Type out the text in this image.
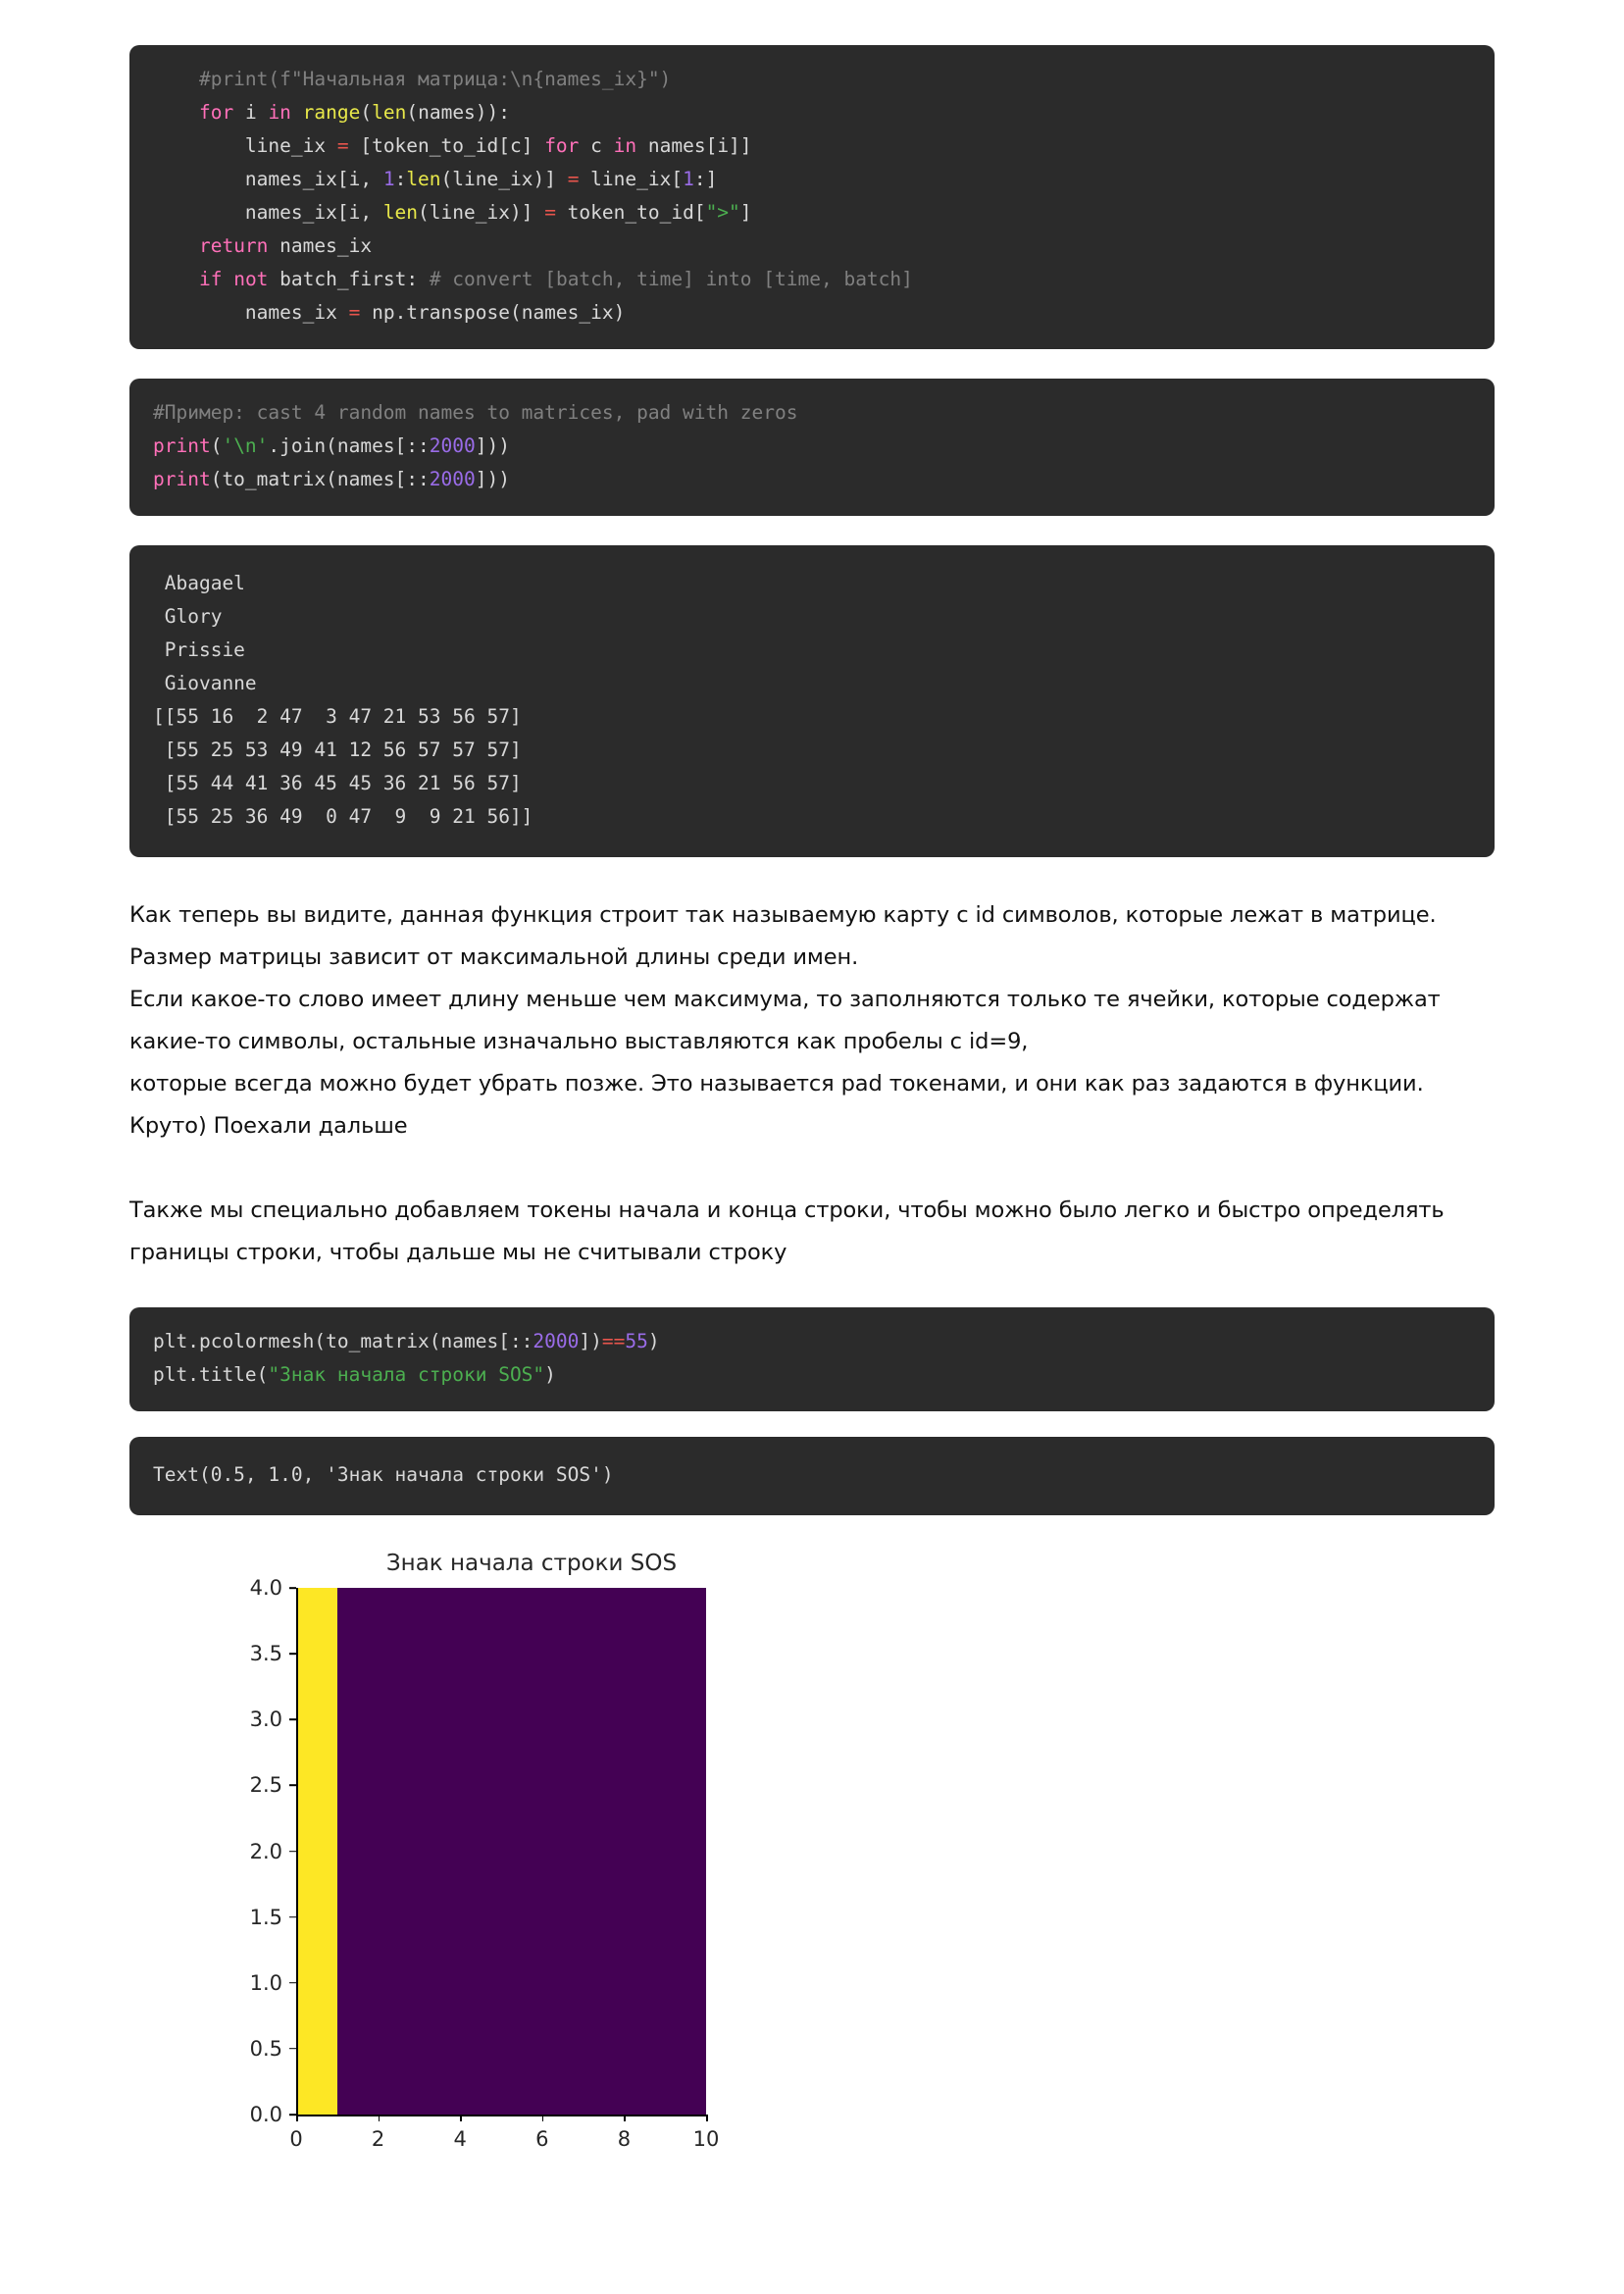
#print(f"Начальная матрица:\n{names_ix}")
for i in range(len(names)):
line_ix = [token_to_id[c] for c in names[i]]
names_ix[i, 1:len(line_ix)] = line_ix[1:]
names_ix[i, len(line_ix)] = token_to_id[">"]
return names_ix
if not batch_first: # convert [batch, time] into [time, batch]
names_ix = np.transpose(names_ix)
#Пример: cast 4 random names to matrices, pad with zeros
print('\n'.join(names[::2000]))
print(to_matrix(names[::2000]))
Abagael
Glory
Prissie
Giovanne
[[55 16  2 47  3 47 21 53 56 57]
[55 25 53 49 41 12 56 57 57 57]
[55 44 41 36 45 45 36 21 56 57]
[55 25 36 49  0 47  9  9 21 56]]

Как теперь вы видите, данная функция строит так называемую карту с id символов, которые лежат в матрице.

Размер матрицы зависит от максимальной длины среди имен.

Если какое-то слово имеет длину меньше чем максимума, то заполняются только те ячейки, которые содержат

какие-то символы, остальные изначально выставляются как пробелы с id=9,

которые всегда можно будет убрать позже. Это называется pad токенами, и они как раз задаются в функции.

Круто) Поехали дальше

Также мы специально добавляем токены начала и конца строки, чтобы можно было легко и быстро определять

границы строки, чтобы дальше мы не считывали строку

plt.pcolormesh(to_matrix(names[::2000])==55)
plt.title("Знак начала строки SOS")
Text(0.5, 1.0, 'Знак начала строки SOS')
Знак начала строки SOS
0.0
0.5
1.0
1.5
2.0
2.5
3.0
3.5
4.0
0	2	4	6	8	10
